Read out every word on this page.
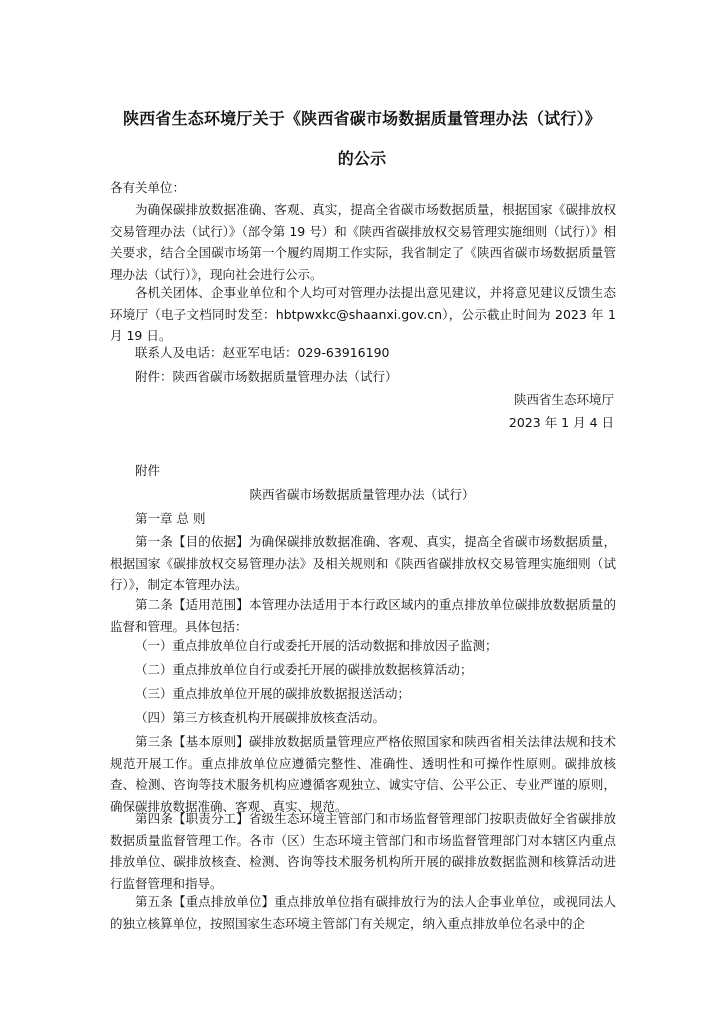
陕西省生态环境厅关于《陕西省碳市场数据质量管理办法（试行）》
的公示
各有关单位：
为确保碳排放数据准确、客观、真实，提高全省碳市场数据质量，根据国家《碳排放权交易管理办法（试行）》（部令第 19 号）和《陕西省碳排放权交易管理实施细则（试行）》相关要求，结合全国碳市场第一个履约周期工作实际，我省制定了《陕西省碳市场数据质量管理办法（试行）》，现向社会进行公示。
各机关团体、企事业单位和个人均可对管理办法提出意见建议，并将意见建议反馈生态环境厅（电子文档同时发至：hbtpwxkc@shaanxi.gov.cn），公示截止时间为 2023 年 1 月 19 日。
联系人及电话：赵亚军电话：029-63916190
附件：陕西省碳市场数据质量管理办法（试行）
陕西省生态环境厅
2023 年 1 月 4 日
附件
陕西省碳市场数据质量管理办法（试行）
第一章 总 则
第一条【目的依据】为确保碳排放数据准确、客观、真实，提高全省碳市场数据质量，根据国家《碳排放权交易管理办法》及相关规则和《陕西省碳排放权交易管理实施细则（试行）》，制定本管理办法。
第二条【适用范围】本管理办法适用于本行政区域内的重点排放单位碳排放数据质量的监督和管理。具体包括：
（一）重点排放单位自行或委托开展的活动数据和排放因子监测；
（二）重点排放单位自行或委托开展的碳排放数据核算活动；
（三）重点排放单位开展的碳排放数据报送活动；
（四）第三方核查机构开展碳排放核查活动。
第三条【基本原则】碳排放数据质量管理应严格依照国家和陕西省相关法律法规和技术规范开展工作。重点排放单位应遵循完整性、准确性、透明性和可操作性原则。碳排放核查、检测、咨询等技术服务机构应遵循客观独立、诚实守信、公平公正、专业严谨的原则，确保碳排放数据准确、客观、真实、规范。
第四条【职责分工】省级生态环境主管部门和市场监督管理部门按职责做好全省碳排放数据质量监督管理工作。各市（区）生态环境主管部门和市场监督管理部门对本辖区内重点排放单位、碳排放核查、检测、咨询等技术服务机构所开展的碳排放数据监测和核算活动进行监督管理和指导。
第五条【重点排放单位】重点排放单位指有碳排放行为的法人企事业单位，或视同法人的独立核算单位，按照国家生态环境主管部门有关规定，纳入重点排放单位名录中的企
